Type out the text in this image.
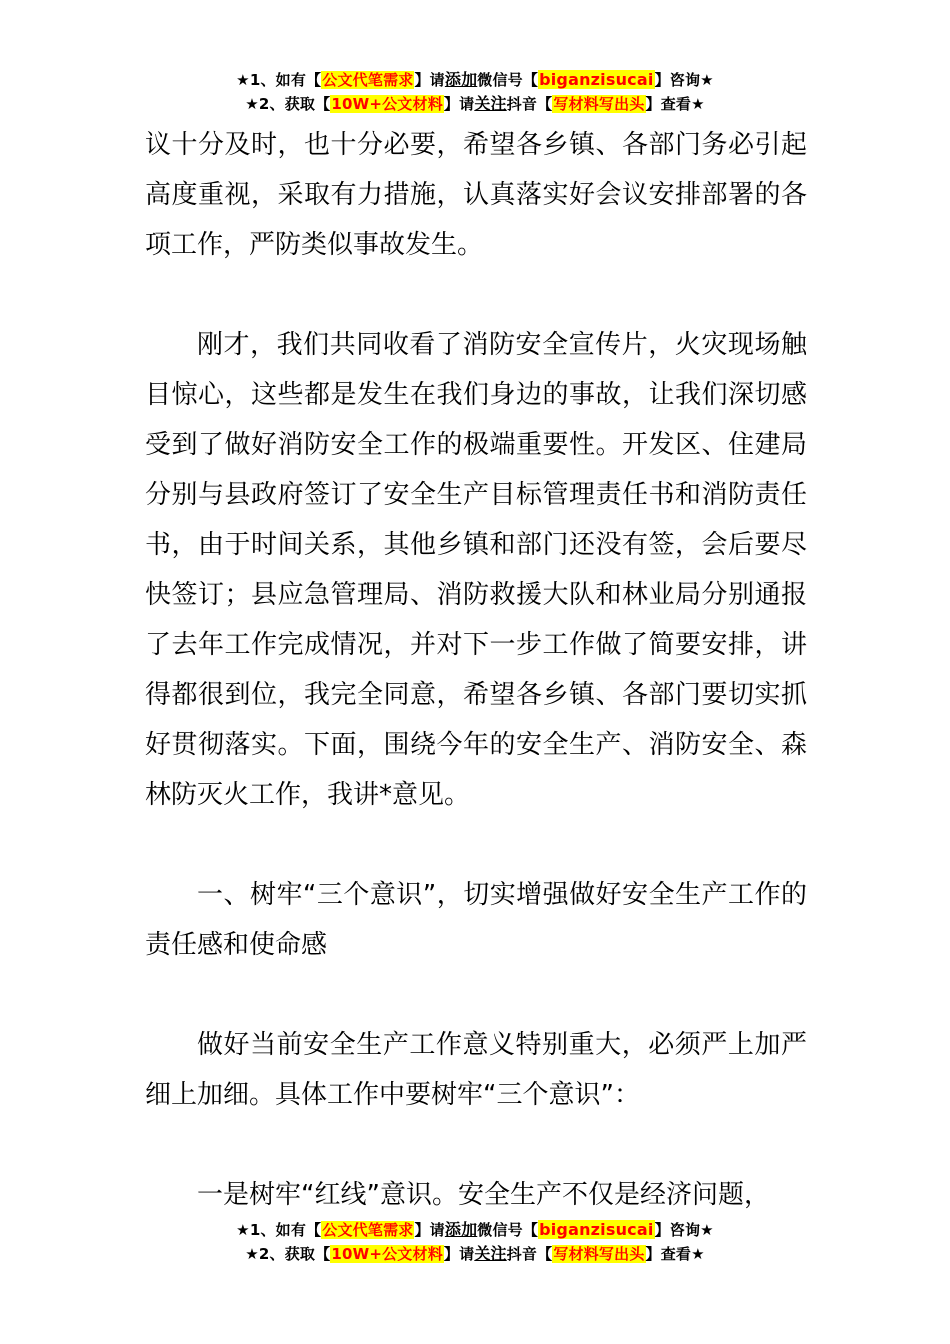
★1、如有【公文代笔需求】请添加微信号【biganzisucai】咨询★
★2、获取【10W+公文材料】请关注抖音【写材料写出头】查看★

议十分及时，也十分必要，希望各乡镇、各部门务必引起高度重视，采取有力措施，认真落实好会议安排部署的各项工作，严防类似事故发生。

刚才，我们共同收看了消防安全宣传片，火灾现场触目惊心，这些都是发生在我们身边的事故，让我们深切感受到了做好消防安全工作的极端重要性。开发区、住建局分别与县政府签订了安全生产目标管理责任书和消防责任书，由于时间关系，其他乡镇和部门还没有签，会后要尽快签订；县应急管理局、消防救援大队和林业局分别通报了去年工作完成情况，并对下一步工作做了简要安排，讲得都很到位，我完全同意，希望各乡镇、各部门要切实抓好贯彻落实。下面，围绕今年的安全生产、消防安全、森林防灭火工作，我讲*意见。

一、树牢“三个意识”，切实增强做好安全生产工作的责任感和使命感

做好当前安全生产工作意义特别重大，必须严上加严细上加细。具体工作中要树牢“三个意识”：

一是树牢“红线”意识。安全生产不仅是经济问题，

★1、如有【公文代笔需求】请添加微信号【biganzisucai】咨询★
★2、获取【10W+公文材料】请关注抖音【写材料写出头】查看★
